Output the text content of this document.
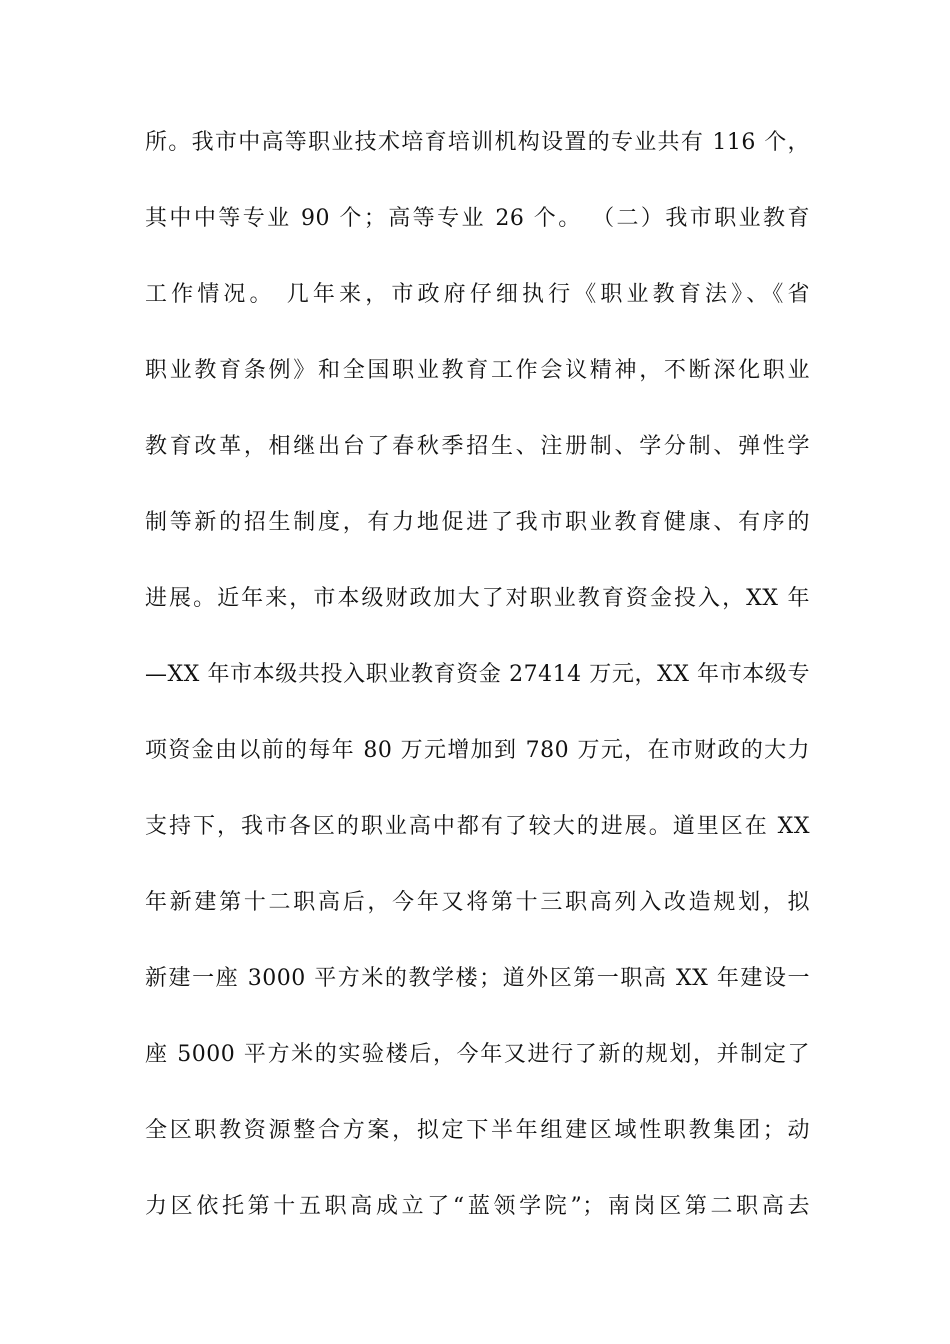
所。我市中高等职业技术培育培训机构设置的专业共有 116 个，
其中中等专业 90 个；高等专业 26 个。 （二）我市职业教育
工作情况。 几年来，市政府仔细执行《职业教育法》、《省
职业教育条例》和全国职业教育工作会议精神，不断深化职业
教育改革，相继出台了春秋季招生、注册制、学分制、弹性学
制等新的招生制度，有力地促进了我市职业教育健康、有序的
进展。近年来，市本级财政加大了对职业教育资金投入，XX 年
—XX 年市本级共投入职业教育资金 27414 万元，XX 年市本级专
项资金由以前的每年 80 万元增加到 780 万元，在市财政的大力
支持下，我市各区的职业高中都有了较大的进展。道里区在 XX
年新建第十二职高后，今年又将第十三职高列入改造规划，拟
新建一座 3000 平方米的教学楼；道外区第一职高 XX 年建设一
座 5000 平方米的实验楼后，今年又进行了新的规划，并制定了
全区职教资源整合方案，拟定下半年组建区域性职教集团；动
力区依托第十五职高成立了“蓝领学院”；南岗区第二职高去
